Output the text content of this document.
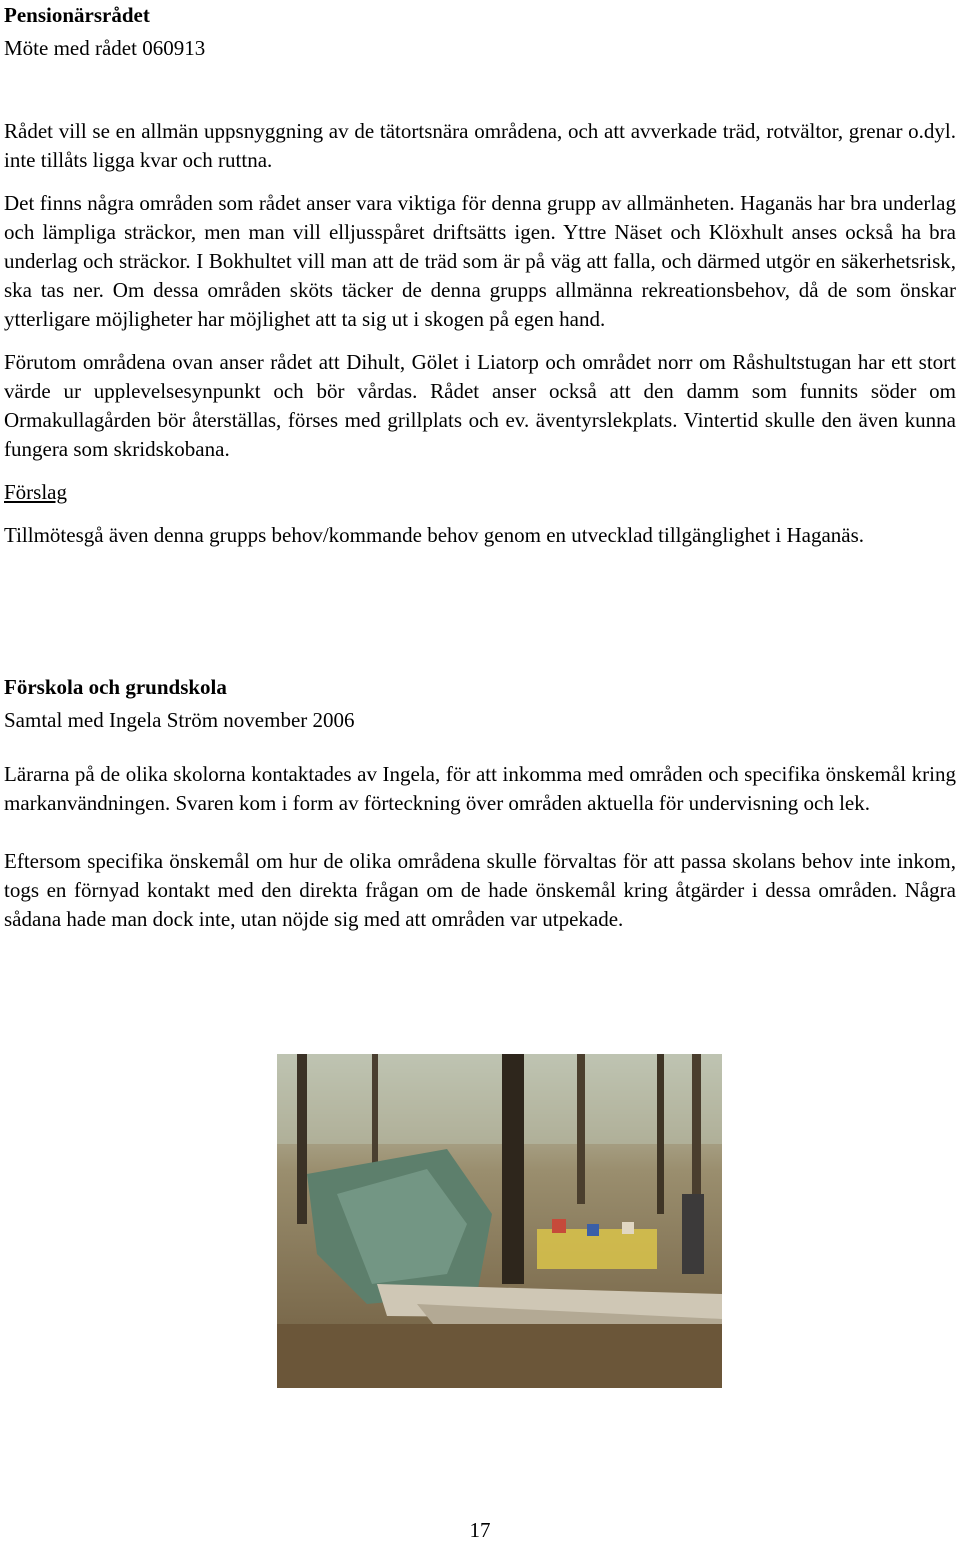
Pensionärsrådet

Möte med rådet 060913

Rådet vill se en allmän uppsnyggning av de tätortsnära områdena, och att avverkade träd, rotvältor, grenar o.dyl. inte tillåts ligga kvar och ruttna.

Det finns några områden som rådet anser vara viktiga för denna grupp av allmänheten. Haganäs har bra underlag och lämpliga sträckor, men man vill elljusspåret driftsätts igen. Yttre Näset och Klöxhult anses också ha bra underlag och sträckor. I Bokhultet vill man att de träd som är på väg att falla, och därmed utgör en säkerhetsrisk, ska tas ner. Om dessa områden sköts täcker de denna grupps allmänna rekreationsbehov, då de som önskar ytterligare möjligheter har möjlighet att ta sig ut i skogen på egen hand.

Förutom områdena ovan anser rådet att Dihult, Gölet i Liatorp och området norr om Råshultstugan har ett stort värde ur upplevelsesynpunkt och bör vårdas. Rådet anser också att den damm som funnits söder om Ormakullagården bör återställas, förses med grillplats och ev. äventyrslekplats. Vintertid skulle den även kunna fungera som skridskobana.

Förslag

Tillmötesgå även denna grupps behov/kommande behov genom en utvecklad tillgänglighet i Haganäs.

Förskola och grundskola

Samtal med Ingela Ström november 2006

Lärarna på de olika skolorna kontaktades av Ingela, för att inkomma med områden och specifika önskemål kring markanvändningen. Svaren kom i form av förteckning över områden aktuella för undervisning och lek.

Eftersom specifika önskemål om hur de olika områdena skulle förvaltas för att passa skolans behov inte inkom, togs en förnyad kontakt med den direkta frågan om de hade önskemål kring åtgärder i dessa områden. Några sådana hade man dock inte, utan nöjde sig med att områden var utpekade.

17
